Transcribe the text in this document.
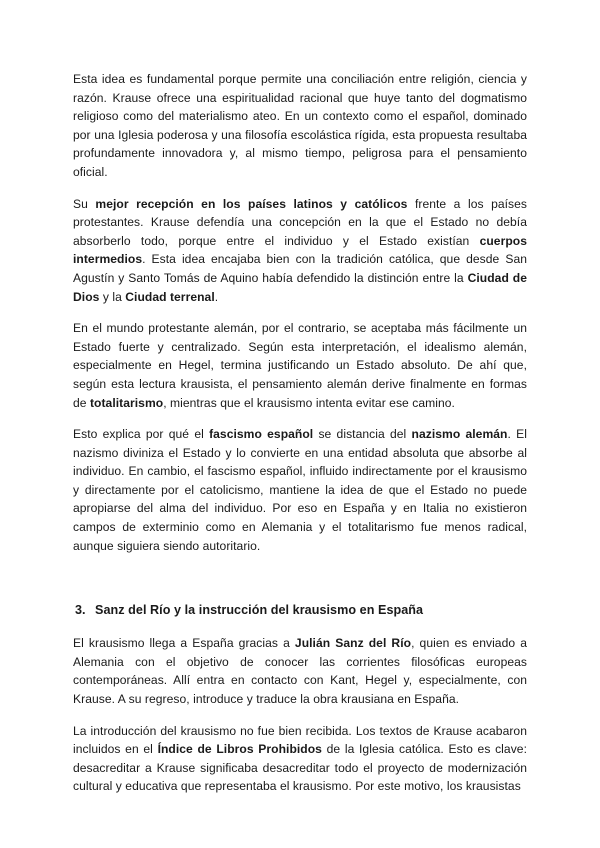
Esta idea es fundamental porque permite una conciliación entre religión, ciencia y razón. Krause ofrece una espiritualidad racional que huye tanto del dogmatismo religioso como del materialismo ateo. En un contexto como el español, dominado por una Iglesia poderosa y una filosofía escolástica rígida, esta propuesta resultaba profundamente innovadora y, al mismo tiempo, peligrosa para el pensamiento oficial.

Su mejor recepción en los países latinos y católicos frente a los países protestantes. Krause defendía una concepción en la que el Estado no debía absorberlo todo, porque entre el individuo y el Estado existían cuerpos intermedios. Esta idea encajaba bien con la tradición católica, que desde San Agustín y Santo Tomás de Aquino había defendido la distinción entre la Ciudad de Dios y la Ciudad terrenal.

En el mundo protestante alemán, por el contrario, se aceptaba más fácilmente un Estado fuerte y centralizado. Según esta interpretación, el idealismo alemán, especialmente en Hegel, termina justificando un Estado absoluto. De ahí que, según esta lectura krausista, el pensamiento alemán derive finalmente en formas de totalitarismo, mientras que el krausismo intenta evitar ese camino.

Esto explica por qué el fascismo español se distancia del nazismo alemán. El nazismo diviniza el Estado y lo convierte en una entidad absoluta que absorbe al individuo. En cambio, el fascismo español, influido indirectamente por el krausismo y directamente por el catolicismo, mantiene la idea de que el Estado no puede apropiarse del alma del individuo. Por eso en España y en Italia no existieron campos de exterminio como en Alemania y el totalitarismo fue menos radical, aunque siguiera siendo autoritario.

3. Sanz del Río y la instrucción del krausismo en España

El krausismo llega a España gracias a Julián Sanz del Río, quien es enviado a Alemania con el objetivo de conocer las corrientes filosóficas europeas contemporáneas. Allí entra en contacto con Kant, Hegel y, especialmente, con Krause. A su regreso, introduce y traduce la obra krausiana en España.

La introducción del krausismo no fue bien recibida. Los textos de Krause acabaron incluidos en el Índice de Libros Prohibidos de la Iglesia católica. Esto es clave: desacreditar a Krause significaba desacreditar todo el proyecto de modernización cultural y educativa que representaba el krausismo. Por este motivo, los krausistas
